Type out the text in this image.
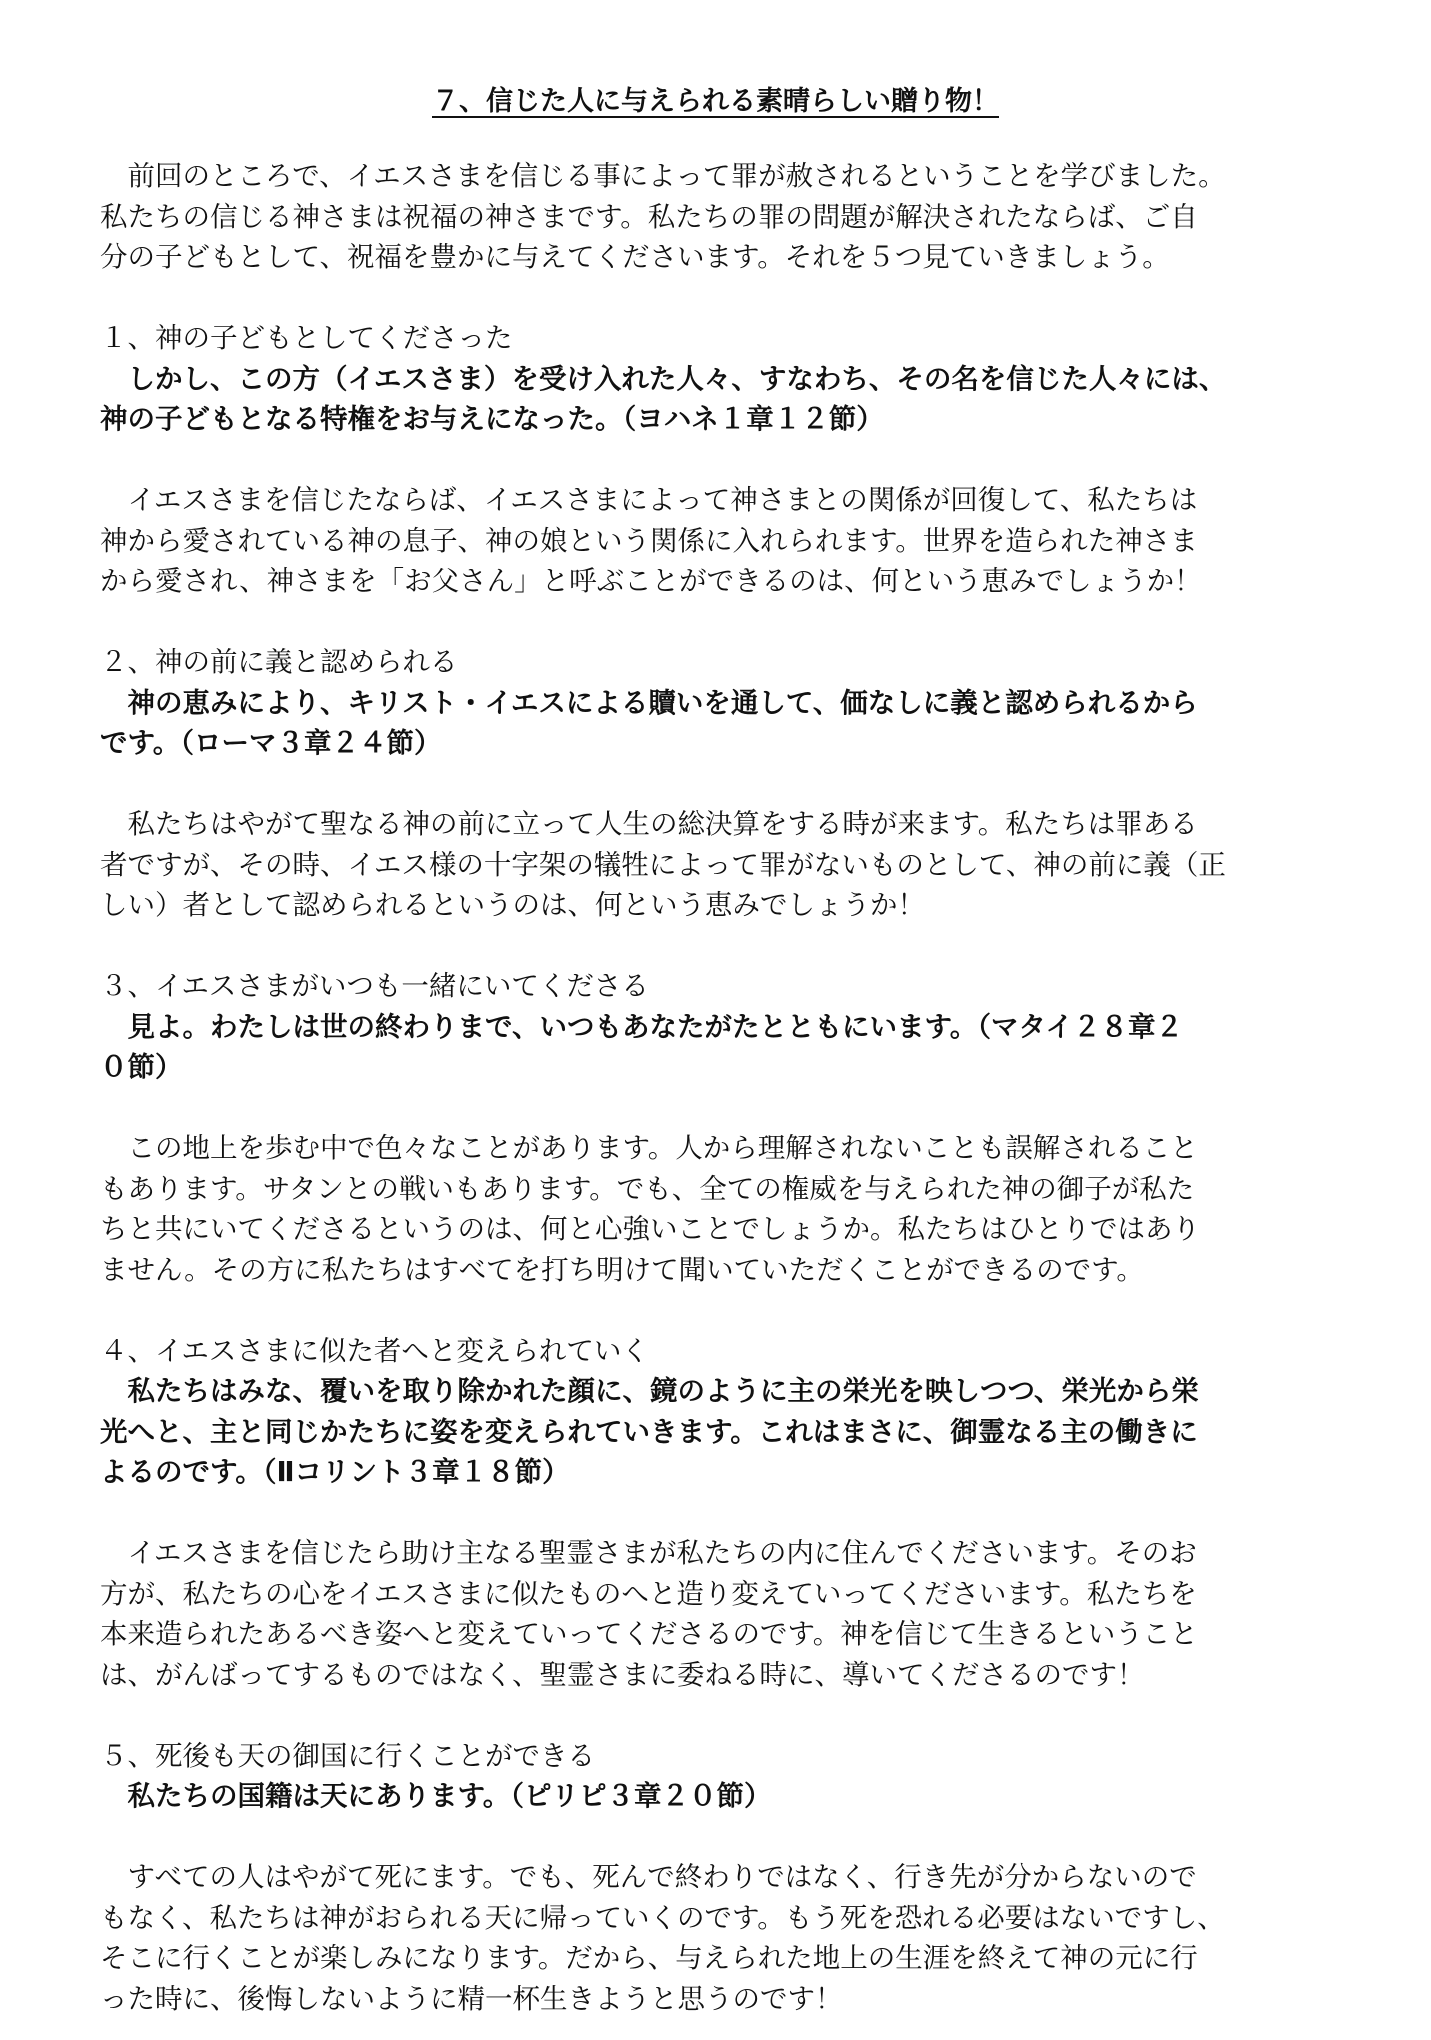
７、信じた人に与えられる素晴らしい贈り物！

　前回のところで、イエスさまを信じる事によって罪が赦されるということを学びました。

私たちの信じる神さまは祝福の神さまです。私たちの罪の問題が解決されたならば、ご自

分の子どもとして、祝福を豊かに与えてくださいます。それを５つ見ていきましょう。

１、神の子どもとしてくださった

　しかし、この方（イエスさま）を受け入れた人々、すなわち、その名を信じた人々には、

神の子どもとなる特権をお与えになった。（ヨハネ１章１２節）

　イエスさまを信じたならば、イエスさまによって神さまとの関係が回復して、私たちは

神から愛されている神の息子、神の娘という関係に入れられます。世界を造られた神さま

から愛され、神さまを「お父さん」と呼ぶことができるのは、何という恵みでしょうか！

２、神の前に義と認められる

　神の恵みにより、キリスト・イエスによる贖いを通して、価なしに義と認められるから

です。（ローマ３章２４節）

　私たちはやがて聖なる神の前に立って人生の総決算をする時が来ます。私たちは罪ある

者ですが、その時、イエス様の十字架の犠牲によって罪がないものとして、神の前に義（正

しい）者として認められるというのは、何という恵みでしょうか！

３、イエスさまがいつも一緒にいてくださる

　見よ。わたしは世の終わりまで、いつもあなたがたとともにいます。（マタイ２８章２

０節）

　この地上を歩む中で色々なことがあります。人から理解されないことも誤解されること

もあります。サタンとの戦いもあります。でも、全ての権威を与えられた神の御子が私た

ちと共にいてくださるというのは、何と心強いことでしょうか。私たちはひとりではあり

ません。その方に私たちはすべてを打ち明けて聞いていただくことができるのです。

４、イエスさまに似た者へと変えられていく

　私たちはみな、覆いを取り除かれた顔に、鏡のように主の栄光を映しつつ、栄光から栄

光へと、主と同じかたちに姿を変えられていきます。これはまさに、御霊なる主の働きに

よるのです。（Ⅱコリント３章１８節）

　イエスさまを信じたら助け主なる聖霊さまが私たちの内に住んでくださいます。そのお

方が、私たちの心をイエスさまに似たものへと造り変えていってくださいます。私たちを

本来造られたあるべき姿へと変えていってくださるのです。神を信じて生きるということ

は、がんばってするものではなく、聖霊さまに委ねる時に、導いてくださるのです！

５、死後も天の御国に行くことができる

　私たちの国籍は天にあります。（ピリピ３章２０節）

　すべての人はやがて死にます。でも、死んで終わりではなく、行き先が分からないので

もなく、私たちは神がおられる天に帰っていくのです。もう死を恐れる必要はないですし、

そこに行くことが楽しみになります。だから、与えられた地上の生涯を終えて神の元に行

った時に、後悔しないように精一杯生きようと思うのです！
